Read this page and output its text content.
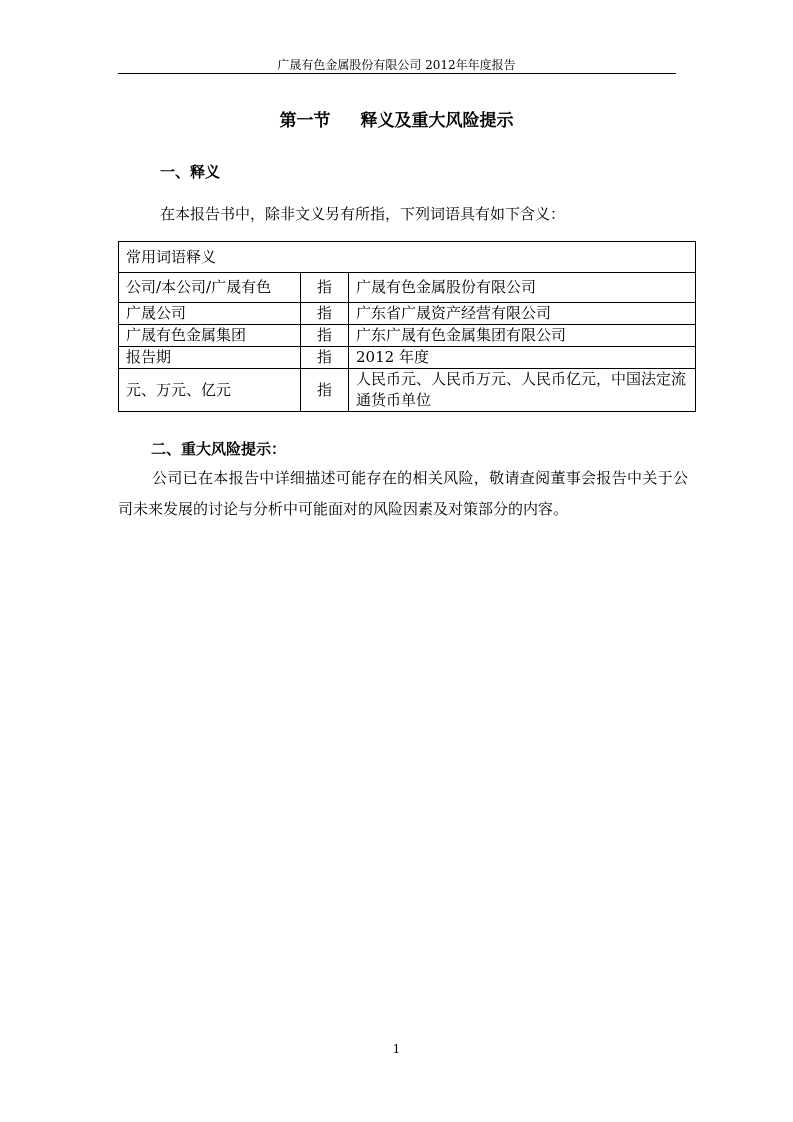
广晟有色金属股份有限公司 2012年年度报告
第一节 释义及重大风险提示
一、释义
在本报告书中，除非文义另有所指，下列词语具有如下含义：
常用词语释义		
公司/本公司/广晟有色	指	广晟有色金属股份有限公司
广晟公司	指	广东省广晟资产经营有限公司
广晟有色金属集团	指	广东广晟有色金属集团有限公司
报告期	指	2012 年度
元、万元、亿元	指	人民币元、人民币万元、人民币亿元，中国法定流通货币单位
二、重大风险提示：
公司已在本报告中详细描述可能存在的相关风险，敬请查阅董事会报告中关于公司未来发展的讨论与分析中可能面对的风险因素及对策部分的内容。
1
